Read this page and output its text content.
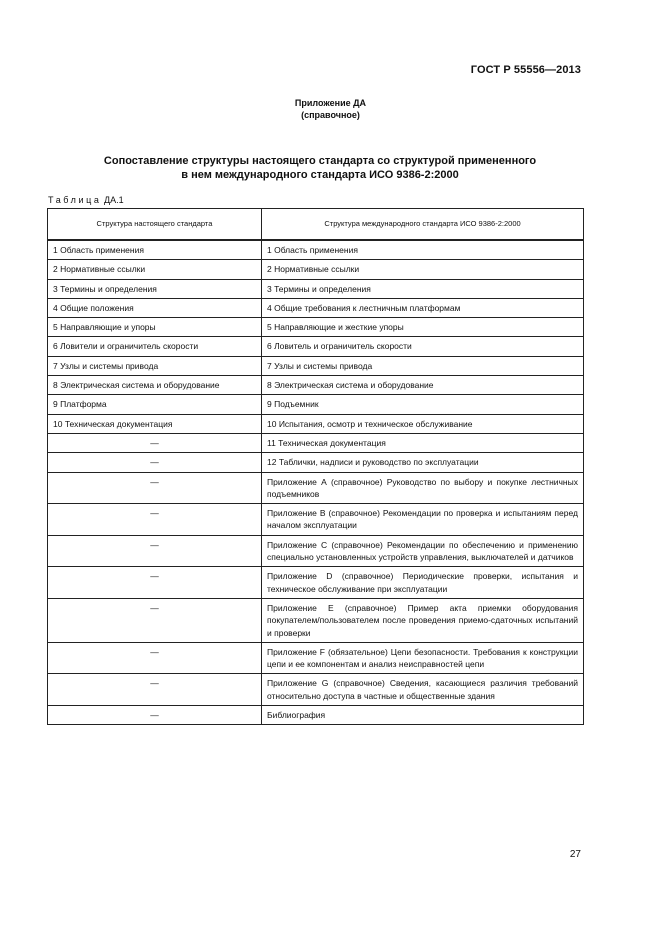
ГОСТ Р 55556—2013
Приложение ДА
(справочное)
Сопоставление структуры настоящего стандарта со структурой примененного
в нем международного стандарта ИСО 9386-2:2000
Таблица ДА.1
Структура настоящего стандарта	Структура международного стандарта ИСО 9386-2:2000
1 Область применения	1 Область применения
2 Нормативные ссылки	2 Нормативные ссылки
3 Термины и определения	3 Термины и определения
4 Общие положения	4 Общие требования к лестничным платформам
5 Направляющие и упоры	5 Направляющие и жесткие упоры
6 Ловители и ограничитель скорости	6 Ловитель и ограничитель скорости
7 Узлы и системы привода	7 Узлы и системы привода
8 Электрическая система и оборудование	8 Электрическая система и оборудование
9 Платформа	9 Подъемник
10 Техническая документация	10 Испытания, осмотр и техническое обслуживание
—	11 Техническая документация
—	12 Таблички, надписи и руководство по эксплуатации
—	Приложение А (справочное) Руководство по выбору и покупке лестничных подъемников
—	Приложение В (справочное) Рекомендации по проверка и испытаниям перед началом эксплуатации
—	Приложение С (справочное) Рекомендации по обеспечению и применению специально установленных устройств управления, выключателей и датчиков
—	Приложение D (справочное) Периодические проверки, испытания и техническое обслуживание при эксплуатации
—	Приложение Е (справочное) Пример акта приемки оборудования покупателем/пользователем после проведения приемо-сдаточных испытаний и проверки
—	Приложение F (обязательное) Цепи безопасности. Требования к конструкции цепи и ее компонентам и анализ неисправностей цепи
—	Приложение G (справочное) Сведения, касающиеся различия требований относительно доступа в частные и общественные здания
—	Библиография
27
